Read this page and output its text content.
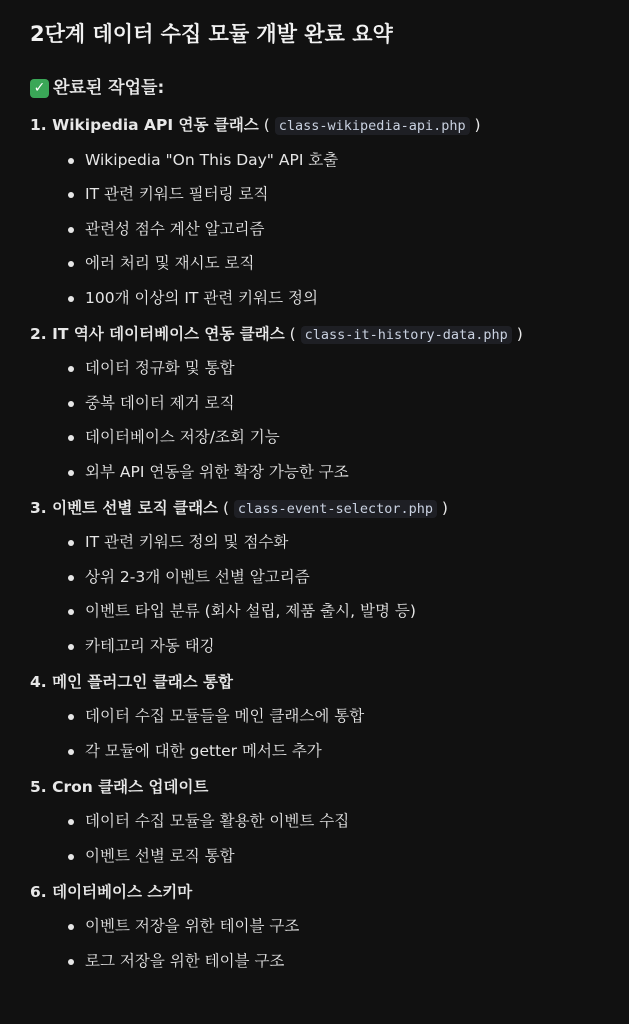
2단계 데이터 수집 모듈 개발 완료 요약
✓ 완료된 작업들:
1. Wikipedia API 연동 클래스 ( class-wikipedia-api.php )
Wikipedia "On This Day" API 호출
IT 관련 키워드 필터링 로직
관련성 점수 계산 알고리즘
에러 처리 및 재시도 로직
100개 이상의 IT 관련 키워드 정의
2. IT 역사 데이터베이스 연동 클래스 ( class-it-history-data.php )
데이터 정규화 및 통합
중복 데이터 제거 로직
데이터베이스 저장/조회 기능
외부 API 연동을 위한 확장 가능한 구조
3. 이벤트 선별 로직 클래스 ( class-event-selector.php )
IT 관련 키워드 정의 및 점수화
상위 2-3개 이벤트 선별 알고리즘
이벤트 타입 분류 (회사 설립, 제품 출시, 발명 등)
카테고리 자동 태깅
4. 메인 플러그인 클래스 통합
데이터 수집 모듈들을 메인 클래스에 통합
각 모듈에 대한 getter 메서드 추가
5. Cron 클래스 업데이트
데이터 수집 모듈을 활용한 이벤트 수집
이벤트 선별 로직 통합
6. 데이터베이스 스키마
이벤트 저장을 위한 테이블 구조
로그 저장을 위한 테이블 구조
